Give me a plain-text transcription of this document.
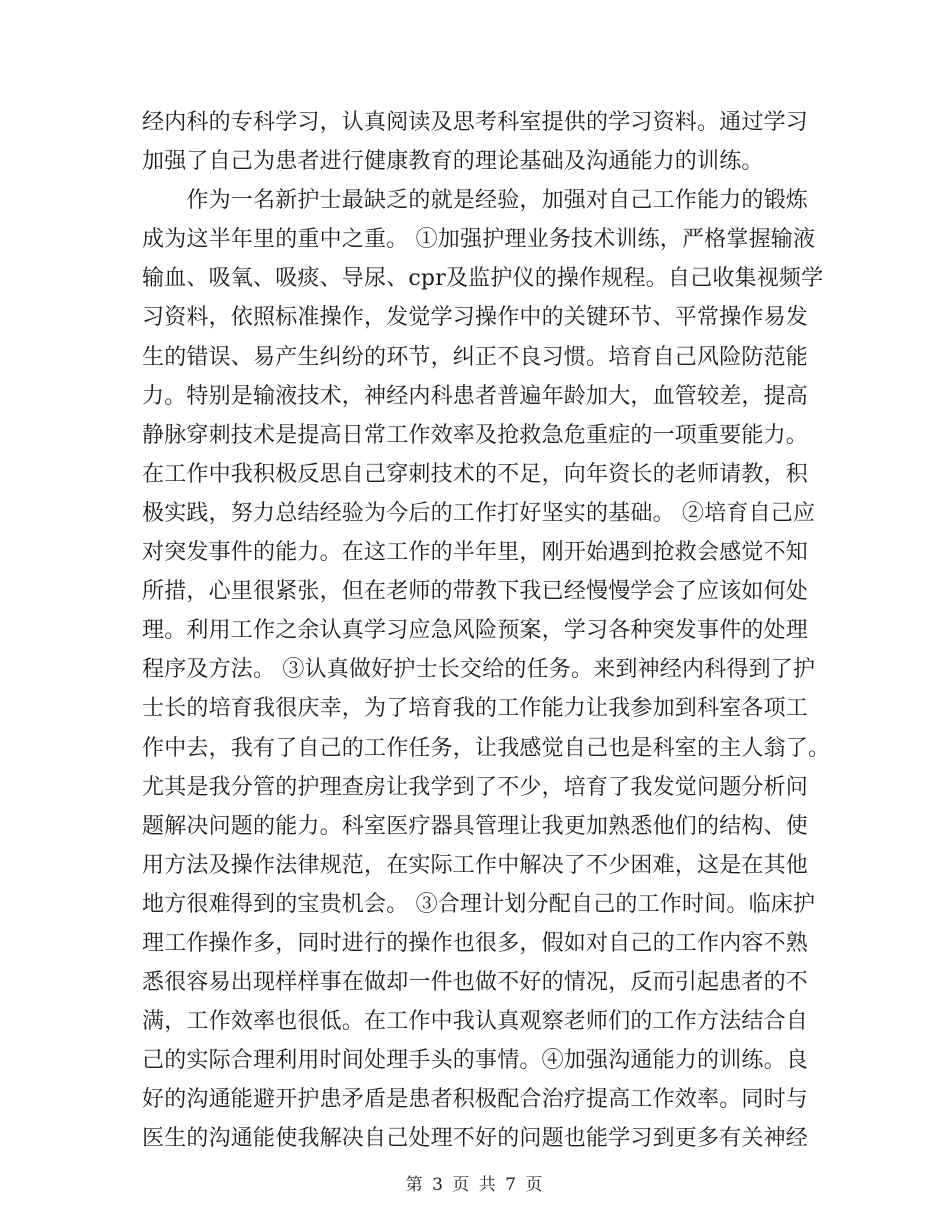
经内科的专科学习，认真阅读及思考科室提供的学习资料。通过学习
加强了自己为患者进行健康教育的理论基础及沟通能力的训练。
　　作为一名新护士最缺乏的就是经验，加强对自己工作能力的锻炼
成为这半年里的重中之重。 ①加强护理业务技术训练，严格掌握输液
输血、吸氧、吸痰、导尿、cpr及监护仪的操作规程。自己收集视频学
习资料，依照标准操作，发觉学习操作中的关键环节、平常操作易发
生的错误、易产生纠纷的环节，纠正不良习惯。培育自己风险防范能
力。特别是输液技术，神经内科患者普遍年龄加大，血管较差，提高
静脉穿刺技术是提高日常工作效率及抢救急危重症的一项重要能力。
在工作中我积极反思自己穿刺技术的不足，向年资长的老师请教，积
极实践，努力总结经验为今后的工作打好坚实的基础。 ②培育自己应
对突发事件的能力。在这工作的半年里，刚开始遇到抢救会感觉不知
所措，心里很紧张，但在老师的带教下我已经慢慢学会了应该如何处
理。利用工作之余认真学习应急风险预案，学习各种突发事件的处理
程序及方法。 ③认真做好护士长交给的任务。来到神经内科得到了护
士长的培育我很庆幸，为了培育我的工作能力让我参加到科室各项工
作中去，我有了自己的工作任务，让我感觉自己也是科室的主人翁了。
尤其是我分管的护理查房让我学到了不少，培育了我发觉问题分析问
题解决问题的能力。科室医疗器具管理让我更加熟悉他们的结构、使
用方法及操作法律规范，在实际工作中解决了不少困难，这是在其他
地方很难得到的宝贵机会。 ③合理计划分配自己的工作时间。临床护
理工作操作多，同时进行的操作也很多，假如对自己的工作内容不熟
悉很容易出现样样事在做却一件也做不好的情况，反而引起患者的不
满，工作效率也很低。在工作中我认真观察老师们的工作方法结合自
己的实际合理利用时间处理手头的事情。④加强沟通能力的训练。良
好的沟通能避开护患矛盾是患者积极配合治疗提高工作效率。同时与
医生的沟通能使我解决自己处理不好的问题也能学习到更多有关神经
第 3 页 共 7 页
